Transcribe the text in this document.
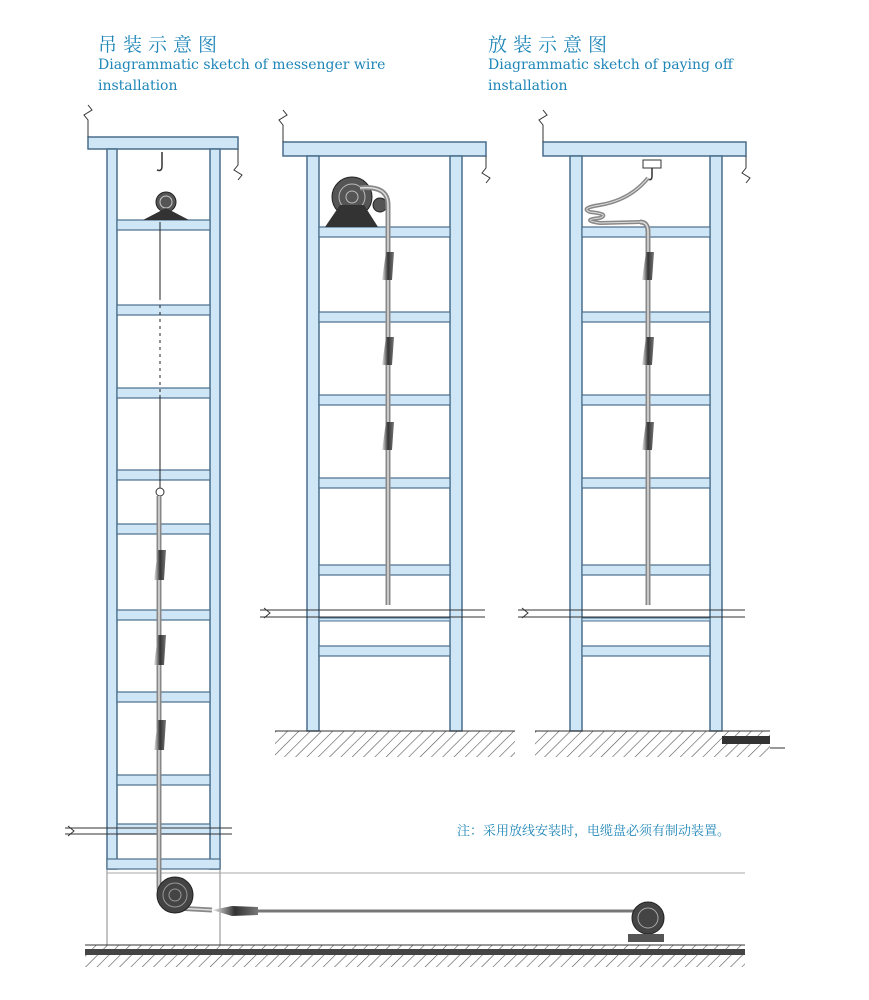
吊装示意图
Diagrammatic sketch of messenger wire
installation
放装示意图
Diagrammatic sketch of paying off
installation
注：采用放线安装时，电缆盘必须有制动装置。
